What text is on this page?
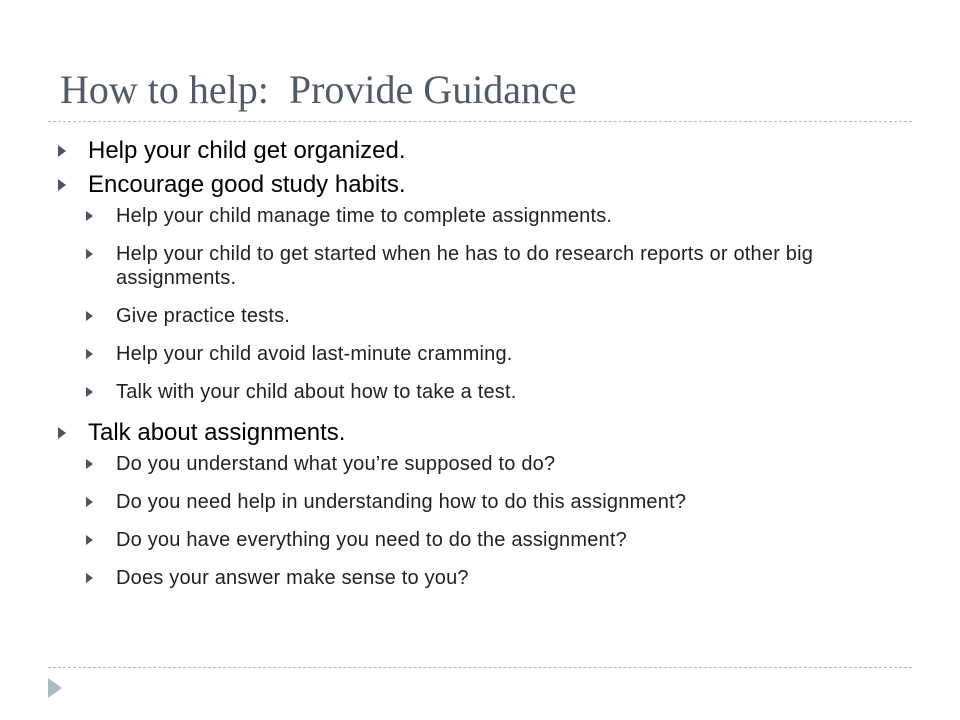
How to help:  Provide Guidance
Help your child get organized.
Encourage good study habits.
Help your child manage time to complete assignments.
Help your child to get started when he has to do research reports or other big assignments.
Give practice tests.
Help your child avoid last-minute cramming.
Talk with your child about how to take a test.
Talk about assignments.
Do you understand what you’re supposed to do?
Do you need help in understanding how to do this assignment?
Do you have everything you need to do the assignment?
Does your answer make sense to you?
